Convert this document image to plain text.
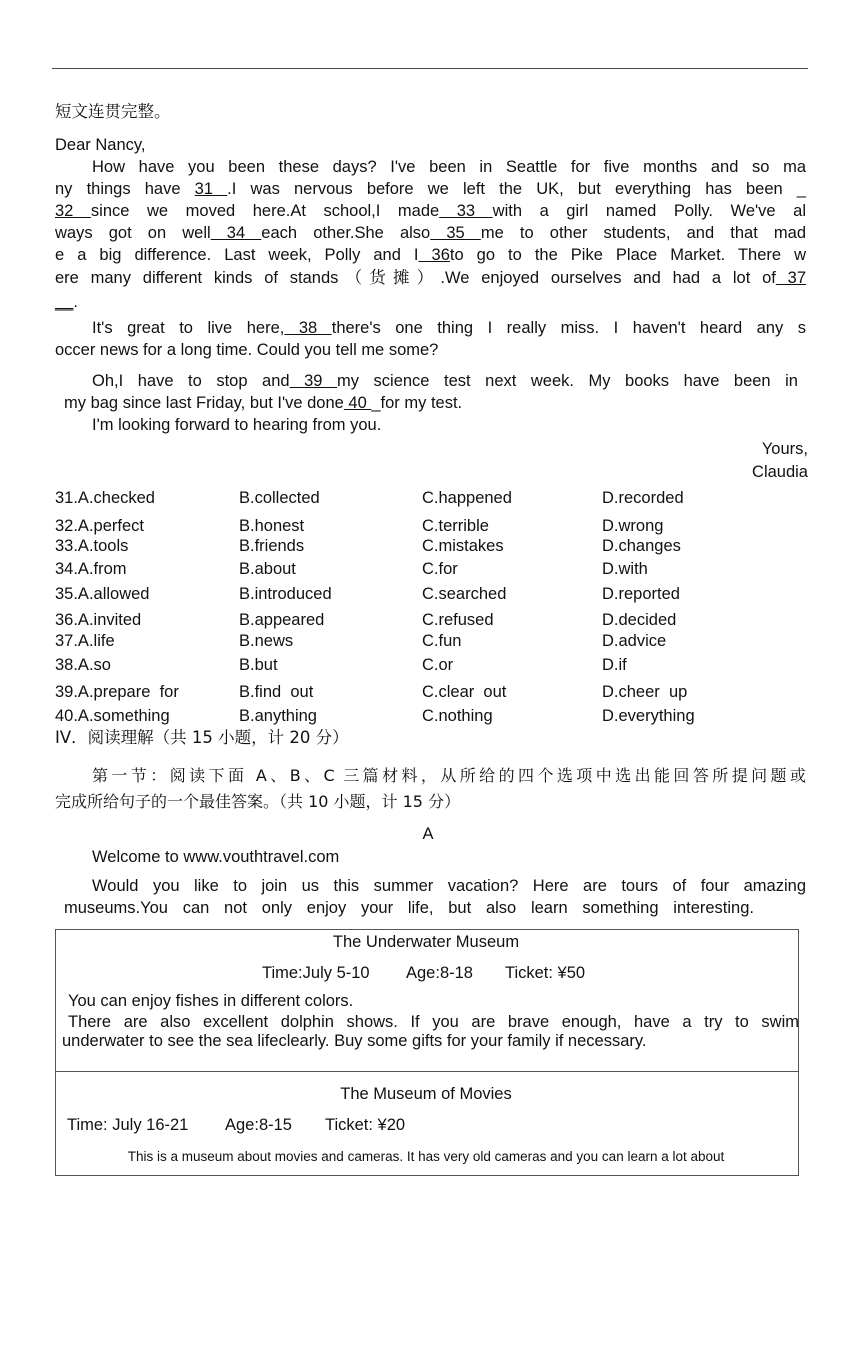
短文连贯完整。
Dear Nancy,
How have you been these days? I've been in Seattle for five months and so ma
ny things have 31 .I was nervous before we left the UK, but everything has been _
32 since we moved here.At school,I made 33 with a girl named Polly. We've al
ways got on well 34 each other.She also 35 me to other students, and that mad
e a big difference. Last week, Polly and I 36to go to the Pike Place Market. There w
ere many different kinds of stands（货摊）.We enjoyed ourselves and had a lot of 37
__.
It's great to live here, 38 there's one thing I really miss. I haven't heard any s
occer news for a long time. Could you tell me some?
Oh,I have to stop and 39 my science test next week. My books have been in
my bag since last Friday, but I've done 40 _for my test.
I'm looking forward to hearing from you.
Yours,
Claudia
31.A.checked	B.collected	C.happened	D.recorded
32.A.perfect	B.honest	C.terrible	D.wrong
33.A.tools	B.friends	C.mistakes	D.changes
34.A.from	B.about	C.for	D.with
35.A.allowed	B.introduced	C.searched	D.reported
36.A.invited	B.appeared	C.refused	D.decided
37.A.life	B.news	C.fun	D.advice
38.A.so	B.but	C.or	D.if
39.A.prepare  for	B.find  out	C.clear  out	D.cheer  up
40.A.something	B.anything	C.nothing	D.everything
IV．阅读理解（共 15 小题，计 20 分）
第一节：阅读下面 A、B、C 三篇材料，从所给的四个选项中选出能回答所提问题或
完成所给句子的一个最佳答案。（共 10 小题，计 15 分）
A
Welcome to www.vouthtravel.com
Would you like to join us this summer vacation? Here are tours of four amazing
museums.You can not only enjoy your life, but also learn something interesting.
The Underwater Museum
Time:July 5-10 Age:8-18 Ticket: ¥50
You can enjoy fishes in different colors.
There are also excellent dolphin shows. If you are brave enough, have a try to swim
underwater to see the sea lifeclearly. Buy some gifts for your family if necessary.
The Museum of Movies
Time: July 16-21 Age:8-15 Ticket: ¥20
This is a museum about movies and cameras. It has very old cameras and you can learn a lot about
